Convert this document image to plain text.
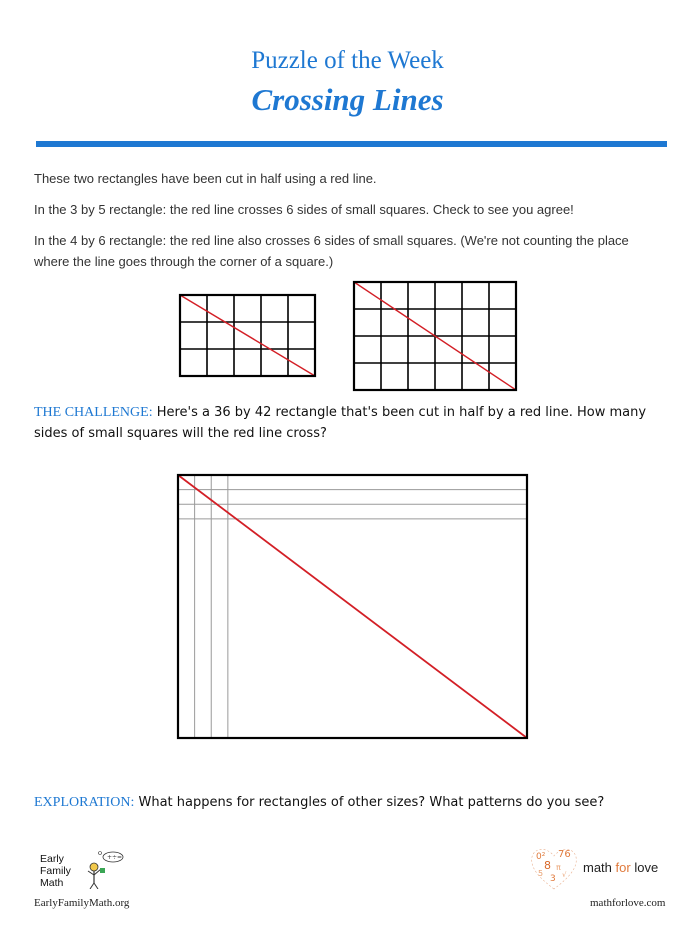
Puzzle of the Week
Crossing Lines
These two rectangles have been cut in half using a red line.
In the 3 by 5 rectangle: the red line crosses 6 sides of small squares. Check to see you agree!
In the 4 by 6 rectangle: the red line also crosses 6 sides of small squares. (We're not counting the place where the line goes through the corner of a square.)
THE CHALLENGE: Here's a 36 by 42 rectangle that's been cut in half by a red line. How many sides of small squares will the red line cross?
EXPLORATION: What happens for rectangles of other sizes? What patterns do you see?
Early
Family
Math
+÷=
EarlyFamilyMath.org
0² 76
8 π
5
3 √ math for love
mathforlove.com
